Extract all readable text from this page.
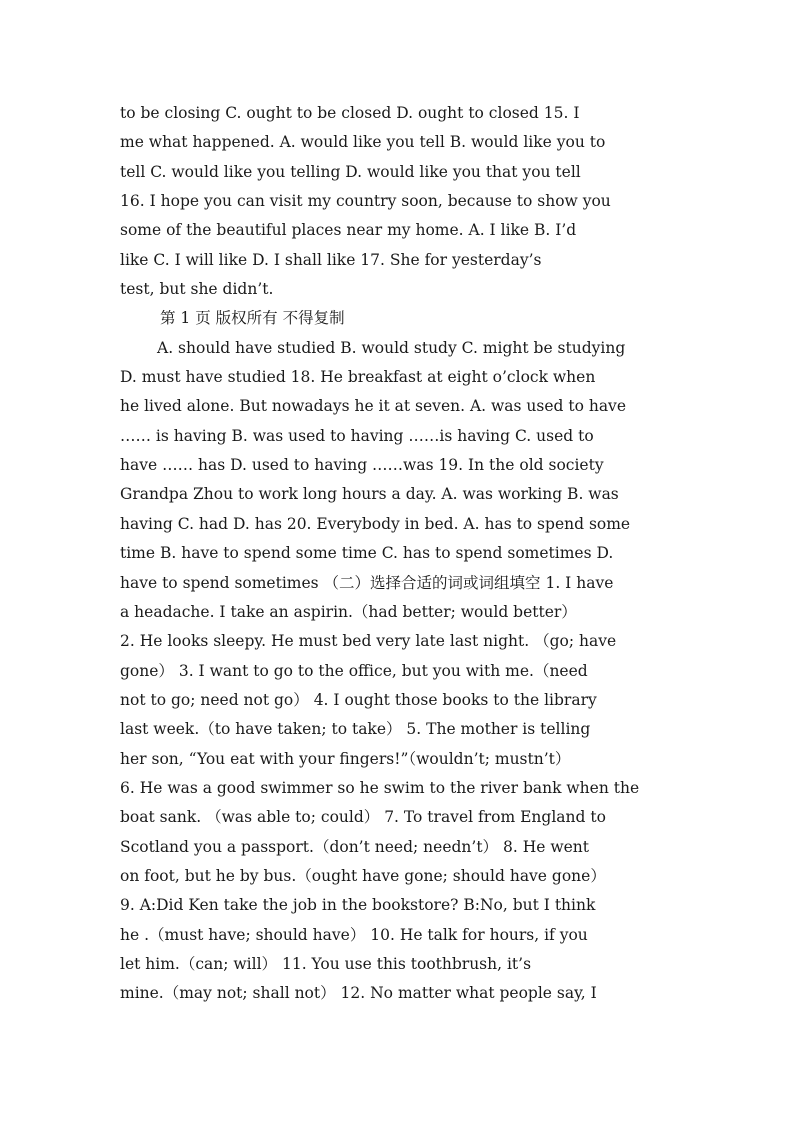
to be closing C. ought to be closed D. ought to closed 15. I
me what happened. A. would like you tell B. would like you to
tell C. would like you telling D. would like you that you tell
16. I hope you can visit my country soon, because to show you
some of the beautiful places near my home. A. I like B. I’d
like C. I will like D. I shall like 17. She for yesterday’s
test, but she didn’t.
第 1 页 版权所有 不得复制
A. should have studied B. would study C. might be studying
D. must have studied 18. He breakfast at eight o’clock when
he lived alone. But nowadays he it at seven. A. was used to have
…… is having B. was used to having ……is having C. used to
have …… has D. used to having ……was 19. In the old society
Grandpa Zhou to work long hours a day. A. was working B. was
having C. had D. has 20. Everybody in bed. A. has to spend some
time B. have to spend some time C. has to spend sometimes D.
have to spend sometimes （二）选择合适的词或词组填空 1. I have
a headache. I take an aspirin.（had better; would better）
2. He looks sleepy. He must bed very late last night. （go; have
gone） 3. I want to go to the office, but you with me.（need
not to go; need not go） 4. I ought those books to the library
last week.（to have taken; to take） 5. The mother is telling
her son, “You eat with your fingers!”（wouldn’t; mustn’t）
6. He was a good swimmer so he swim to the river bank when the
boat sank. （was able to; could） 7. To travel from England to
Scotland you a passport.（don’t need; needn’t） 8. He went
on foot, but he by bus.（ought have gone; should have gone）
9. A:Did Ken take the job in the bookstore? B:No, but I think
he .（must have; should have） 10. He talk for hours, if you
let him.（can; will） 11. You use this toothbrush, it’s
mine.（may not; shall not） 12. No matter what people say, I
